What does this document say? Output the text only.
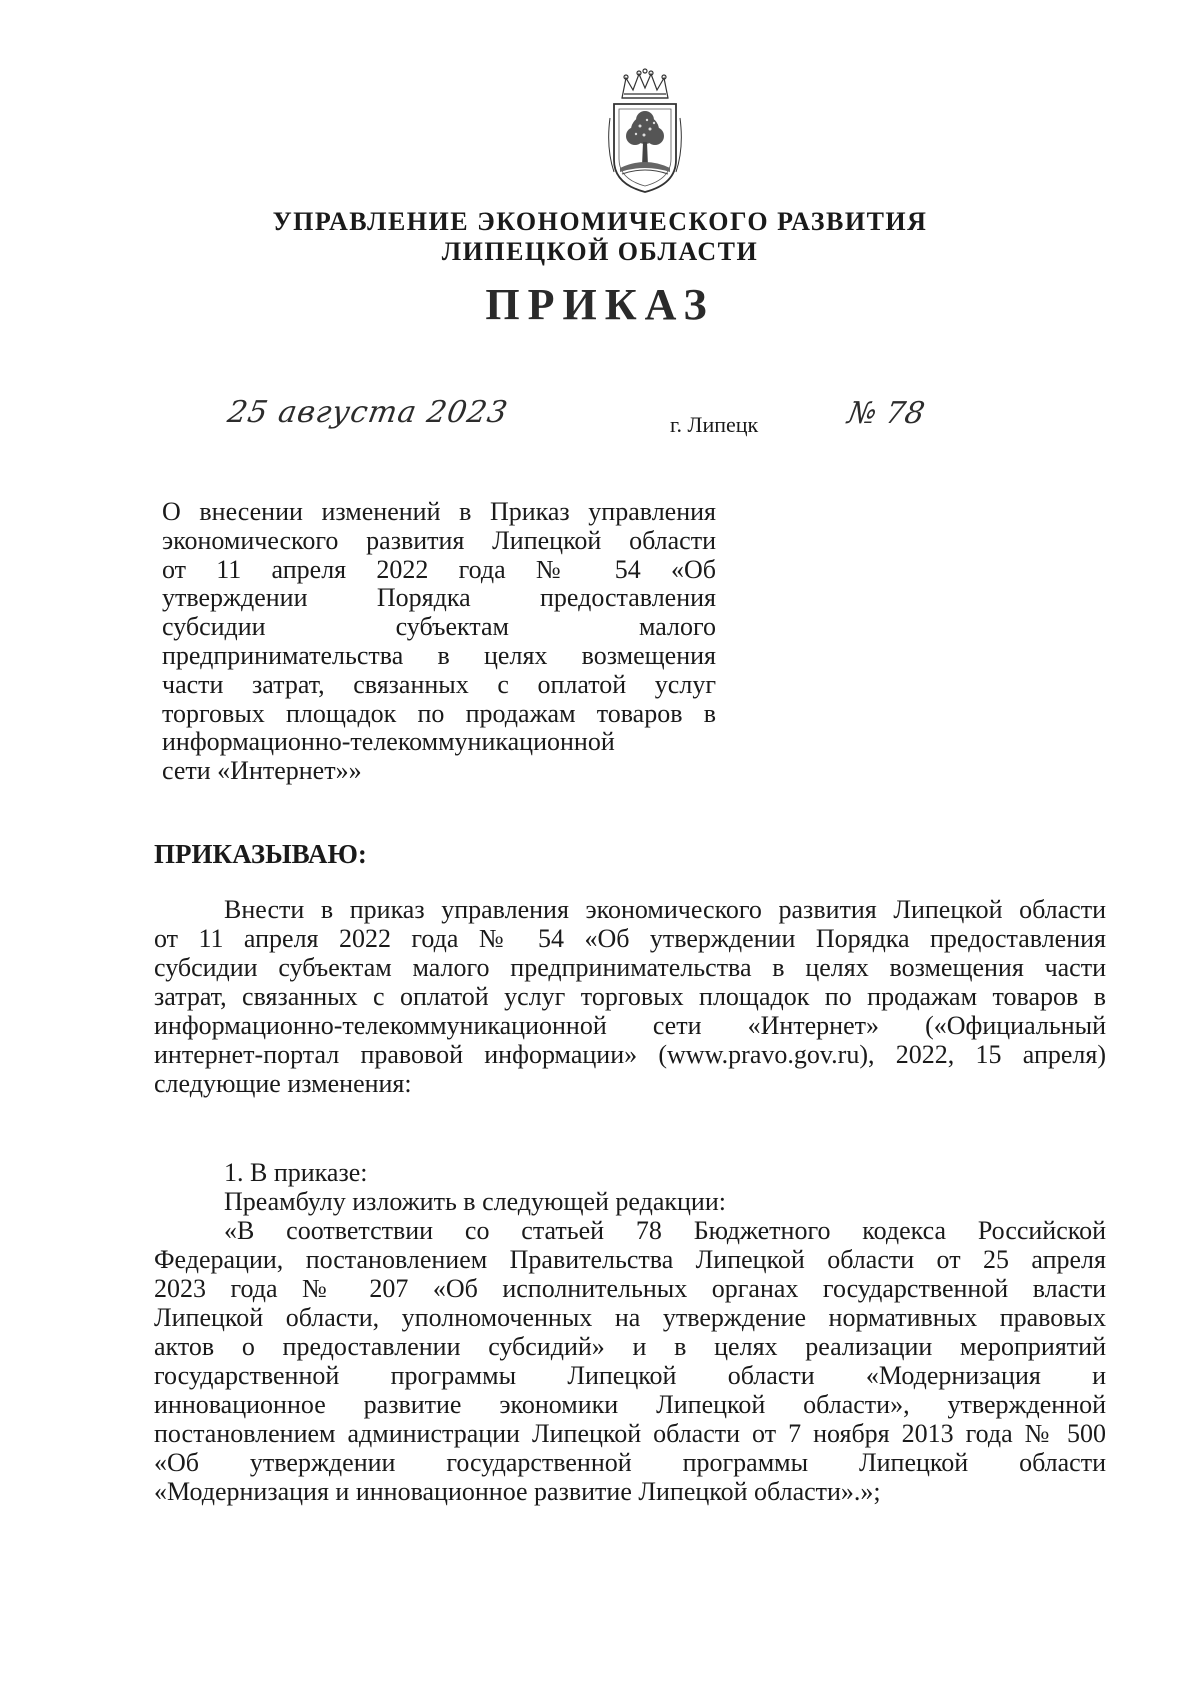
УПРАВЛЕНИЕ ЭКОНОМИЧЕСКОГО РАЗВИТИЯ
ЛИПЕЦКОЙ ОБЛАСТИ
ПРИКАЗ
25 августа 2023	г. Липецк	№ 78
О внесении изменений в Приказ управления
экономического развития Липецкой области
от 11 апреля 2022 года № 54 «Об
утверждении Порядка предоставления
субсидии субъектам малого
предпринимательства в целях возмещения
части затрат, связанных с оплатой услуг
торговых площадок по продажам товаров в
информационно-телекоммуникационной
сети «Интернет»»
ПРИКАЗЫВАЮ:
Внести в приказ управления экономического развития Липецкой области
от 11 апреля 2022 года № 54 «Об утверждении Порядка предоставления
субсидии субъектам малого предпринимательства в целях возмещения части
затрат, связанных с оплатой услуг торговых площадок по продажам товаров в
информационно-телекоммуникационной сети «Интернет» («Официальный
интернет-портал правовой информации» (www.pravo.gov.ru), 2022, 15 апреля)
следующие изменения:
1. В приказе:
Преамбулу изложить в следующей редакции:
«В соответствии со статьей 78 Бюджетного кодекса Российской
Федерации, постановлением Правительства Липецкой области от 25 апреля
2023 года № 207 «Об исполнительных органах государственной власти
Липецкой области, уполномоченных на утверждение нормативных правовых
актов о предоставлении субсидий» и в целях реализации мероприятий
государственной программы Липецкой области «Модернизация и
инновационное развитие экономики Липецкой области», утвержденной
постановлением администрации Липецкой области от 7 ноября 2013 года № 500
«Об утверждении государственной программы Липецкой области
«Модернизация и инновационное развитие Липецкой области».»;
